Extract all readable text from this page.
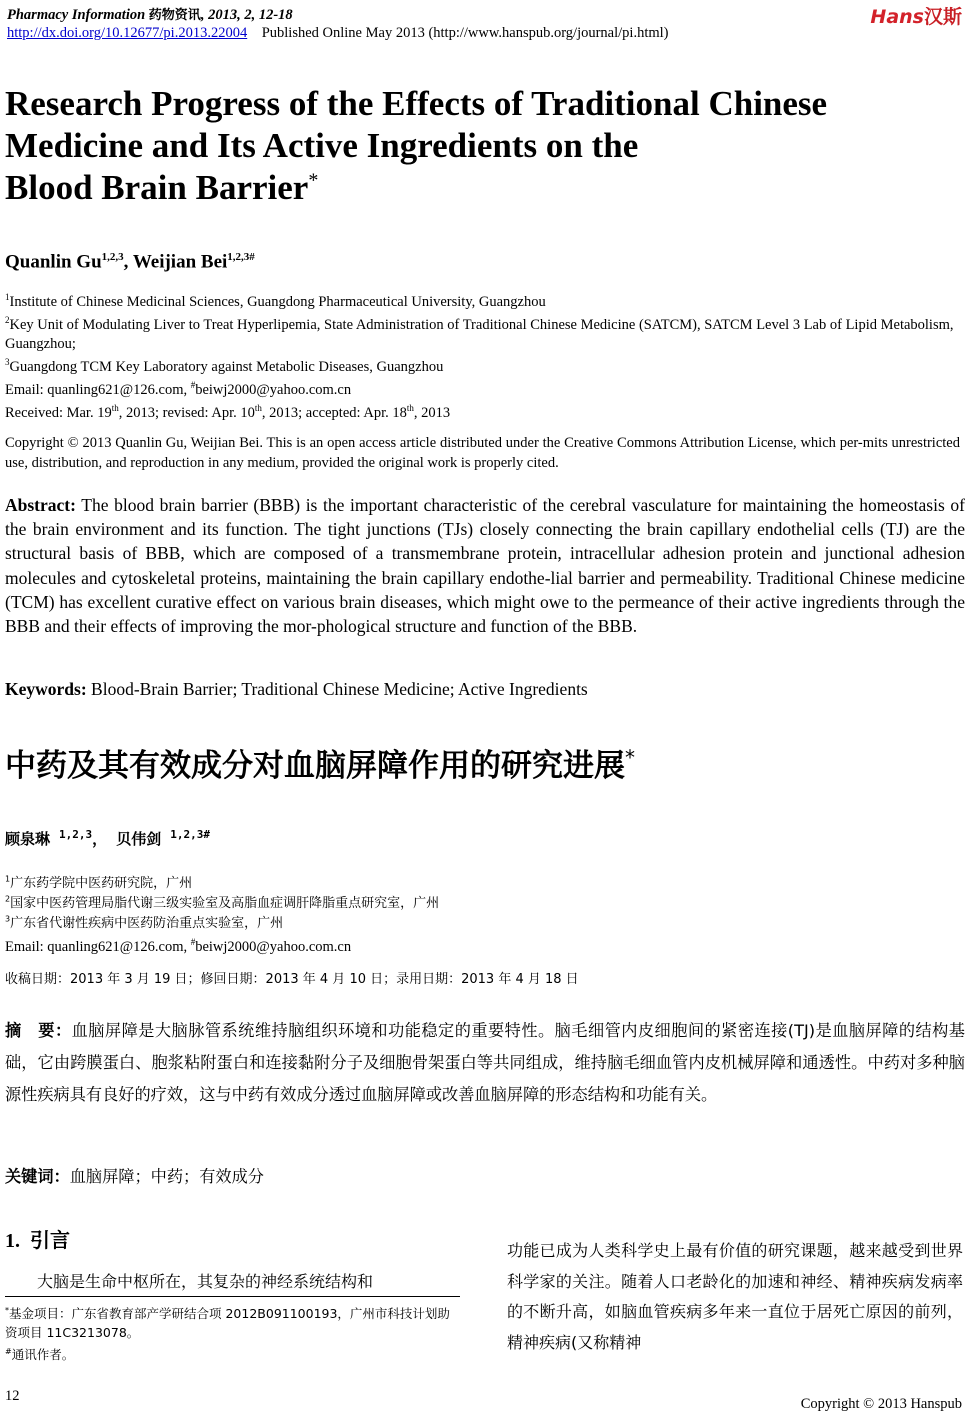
Pharmacy Information 药物资讯, 2013, 2, 12-18
http://dx.doi.org/10.12677/pi.2013.22004 Published Online May 2013 (http://www.hanspub.org/journal/pi.html)
Hans汉斯
Research Progress of the Effects of Traditional Chinese
Medicine and Its Active Ingredients on the
Blood Brain Barrier*
Quanlin Gu$^{1,2,3}$, Weijian Bei$^{1,2,3\#}$
$^1$Institute of Chinese Medicinal Sciences, Guangdong Pharmaceutical University, Guangzhou
$^2$Key Unit of Modulating Liver to Treat Hyperlipemia, State Administration of Traditional Chinese Medicine (SATCM), SATCM Level 3 Lab of Lipid Metabolism, Guangzhou;
$^3$Guangdong TCM Key Laboratory against Metabolic Diseases, Guangzhou
Email: quanling621@126.com, #beiwj2000@yahoo.com.cn
Received: Mar. 19th, 2013; revised: Apr. 10th, 2013; accepted: Apr. 18th, 2013
Copyright © 2013 Quanlin Gu, Weijian Bei. This is an open access article distributed under the Creative Commons Attribution License, which per-mits unrestricted use, distribution, and reproduction in any medium, provided the original work is properly cited.
Abstract: The blood brain barrier (BBB) is the important characteristic of the cerebral vasculature for maintaining the homeostasis of the brain environment and its function. The tight junctions (TJs) closely connecting the brain capillary endothelial cells (TJ) are the structural basis of BBB, which are composed of a transmembrane protein, intracellular adhesion protein and junctional adhesion molecules and cytoskeletal proteins, maintaining the brain capillary endothe-lial barrier and permeability. Traditional Chinese medicine (TCM) has excellent curative effect on various brain diseases, which might owe to the permeance of their active ingredients through the BBB and their effects of improving the mor-phological structure and function of the BBB.
Keywords: Blood-Brain Barrier; Traditional Chinese Medicine; Active Ingredients
中药及其有效成分对血脑屏障作用的研究进展*
顾泉琳 $^{1,2,3}$， 贝伟剑 $^{1,2,3\#}$
$^1$广东药学院中医药研究院，广州
$^2$国家中医药管理局脂代谢三级实验室及高脂血症调肝降脂重点研究室，广州
$^3$广东省代谢性疾病中医药防治重点实验室，广州
Email: quanling621@126.com, #beiwj2000@yahoo.com.cn
收稿日期：2013 年 3 月 19 日；修回日期：2013 年 4 月 10 日；录用日期：2013 年 4 月 18 日
摘　要：血脑屏障是大脑脉管系统维持脑组织环境和功能稳定的重要特性。脑毛细管内皮细胞间的紧密连接(TJ)是血脑屏障的结构基础，它由跨膜蛋白、胞浆粘附蛋白和连接黏附分子及细胞骨架蛋白等共同组成，维持脑毛细血管内皮机械屏障和通透性。中药对多种脑源性疾病具有良好的疗效，这与中药有效成分透过血脑屏障或改善血脑屏障的形态结构和功能有关。
关键词：血脑屏障；中药；有效成分
1. 引言
大脑是生命中枢所在，其复杂的神经系统结构和
*基金项目：广东省教育部产学研结合项 2012B091100193，广州市科技计划助资项目 11C3213078。
#通讯作者。
功能已成为人类科学史上最有价值的研究课题，越来越受到世界科学家的关注。随着人口老龄化的加速和神经、精神疾病发病率的不断升高，如脑血管疾病多年来一直位于居死亡原因的前列，精神疾病(又称精神
12	Copyright © 2013 Hanspub
